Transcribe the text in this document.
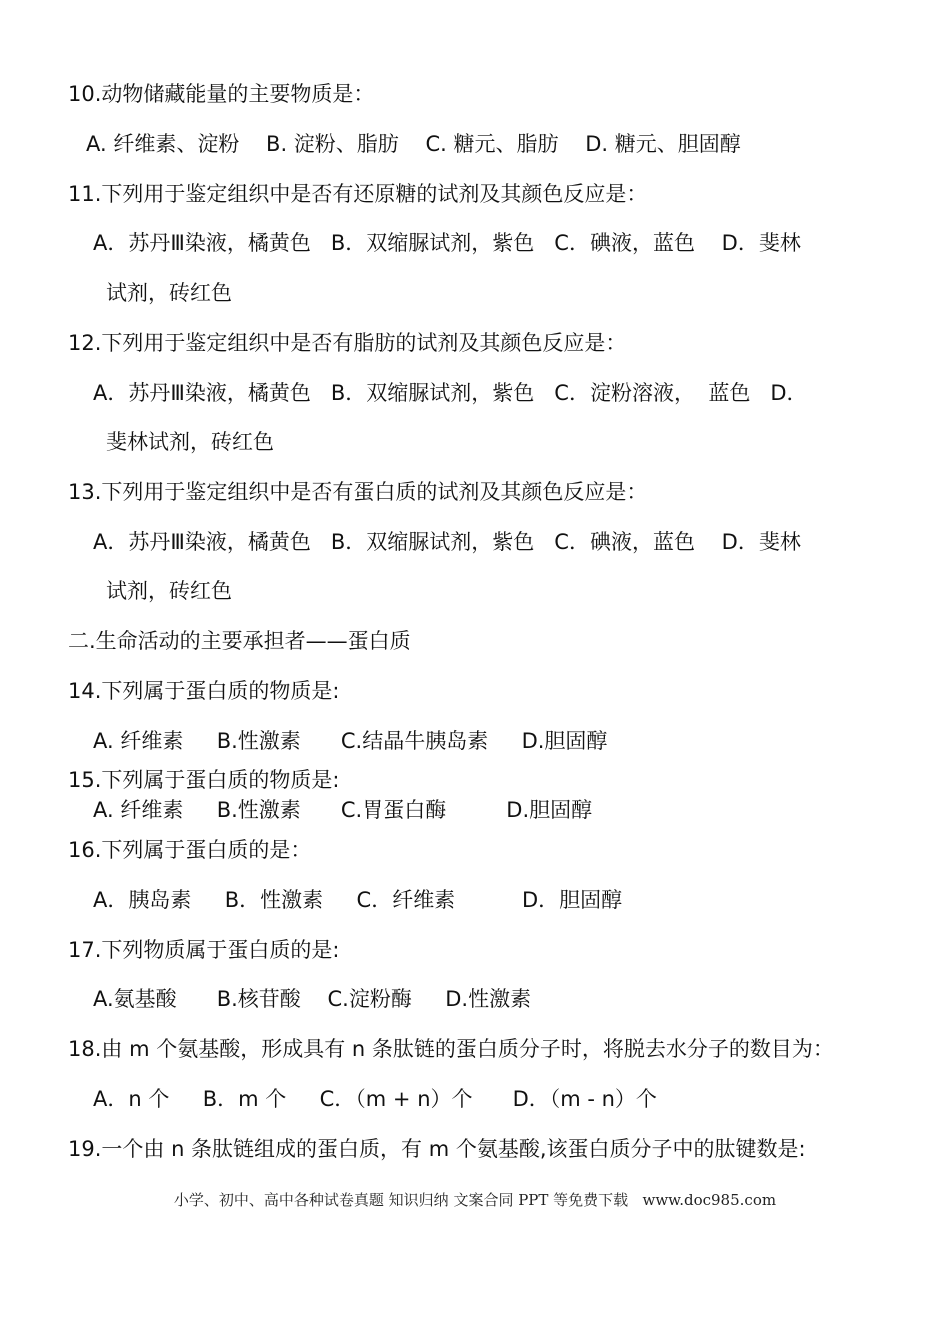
10.动物储藏能量的主要物质是：
A. 纤维素、淀粉    B. 淀粉、脂肪    C. 糖元、脂肪    D. 糖元、胆固醇
11.下列用于鉴定组织中是否有还原糖的试剂及其颜色反应是：
A．苏丹Ⅲ染液，橘黄色   B．双缩脲试剂，紫色   C．碘液，蓝色    D．斐林
试剂，砖红色
12.下列用于鉴定组织中是否有脂肪的试剂及其颜色反应是：
A．苏丹Ⅲ染液，橘黄色   B．双缩脲试剂，紫色   C．淀粉溶液，  蓝色   D．
斐林试剂，砖红色
13.下列用于鉴定组织中是否有蛋白质的试剂及其颜色反应是：
A．苏丹Ⅲ染液，橘黄色   B．双缩脲试剂，紫色   C．碘液，蓝色    D．斐林
试剂，砖红色
二.生命活动的主要承担者——蛋白质
14.下列属于蛋白质的物质是:
A. 纤维素     B.性激素      C.结晶牛胰岛素     D.胆固醇
15.下列属于蛋白质的物质是:
A. 纤维素     B.性激素      C.胃蛋白酶         D.胆固醇
16.下列属于蛋白质的是：
A．胰岛素     B．性激素     C．纤维素          D．胆固醇
17.下列物质属于蛋白质的是:
A.氨基酸      B.核苷酸    C.淀粉酶     D.性激素
18.由 m 个氨基酸，形成具有 n 条肽链的蛋白质分子时，将脱去水分子的数目为：
A．n 个     B．m 个     C．（m + n）个      D．（m - n）个
19.一个由 n 条肽链组成的蛋白质，有 m 个氨基酸,该蛋白质分子中的肽键数是:
小学、初中、高中各种试卷真题 知识归纳 文案合同 PPT 等免费下载   www.doc985.com
